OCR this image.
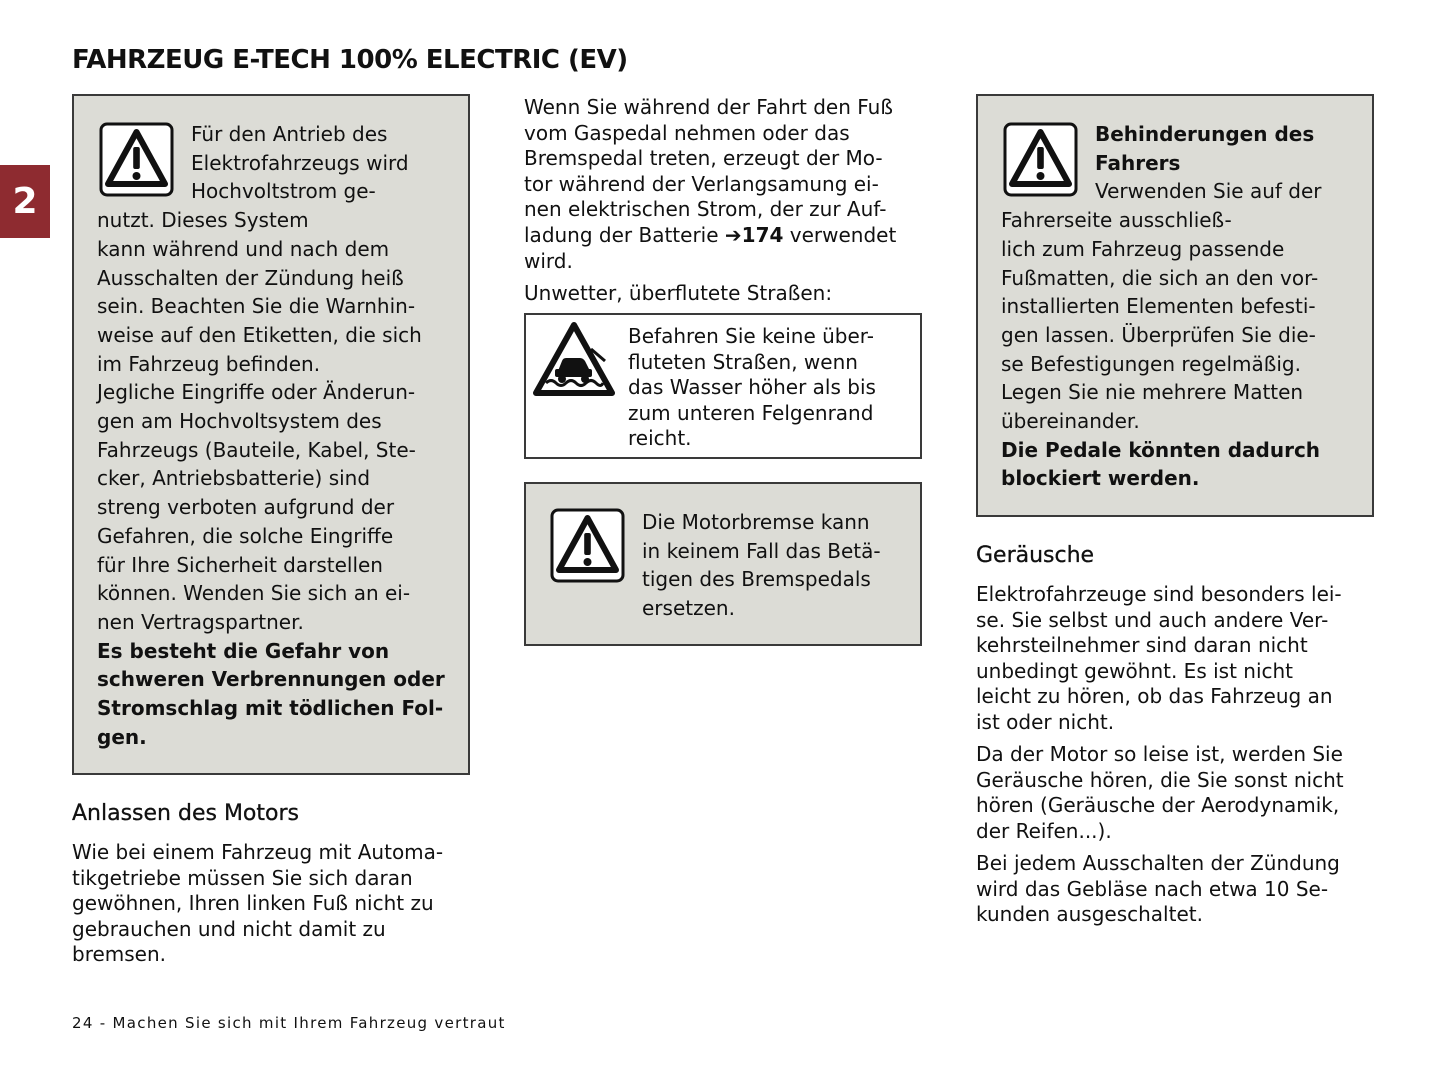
FAHRZEUG E-TECH 100% ELECTRIC (EV)
2
Für den Antrieb des
Elektrofahrzeugs wird
Hochvoltstrom ge-
nutzt. Dieses System
kann während und nach dem
Ausschalten der Zündung heiß
sein. Beachten Sie die Warnhin-
weise auf den Etiketten, die sich
im Fahrzeug befinden.
Jegliche Eingriffe oder Änderun-
gen am Hochvoltsystem des
Fahrzeugs (Bauteile, Kabel, Ste-
cker, Antriebsbatterie) sind
streng verboten aufgrund der
Gefahren, die solche Eingriffe
für Ihre Sicherheit darstellen
können. Wenden Sie sich an ei-
nen Vertragspartner.
Es besteht die Gefahr von
schweren Verbrennungen oder
Stromschlag mit tödlichen Fol-
gen.
Anlassen des Motors
Wie bei einem Fahrzeug mit Automa-
tikgetriebe müssen Sie sich daran
gewöhnen, Ihren linken Fuß nicht zu
gebrauchen und nicht damit zu
bremsen.
Wenn Sie während der Fahrt den Fuß
vom Gaspedal nehmen oder das
Bremspedal treten, erzeugt der Mo-
tor während der Verlangsamung ei-
nen elektrischen Strom, der zur Auf-
ladung der Batterie ➔174 verwendet
wird.
Unwetter, überflutete Straßen:
Befahren Sie keine über-
fluteten Straßen, wenn
das Wasser höher als bis
zum unteren Felgenrand
reicht.
Die Motorbremse kann
in keinem Fall das Betä-
tigen des Bremspedals
ersetzen.
Behinderungen des
Fahrers
Verwenden Sie auf der
Fahrerseite ausschließ-
lich zum Fahrzeug passende
Fußmatten, die sich an den vor-
installierten Elementen befesti-
gen lassen. Überprüfen Sie die-
se Befestigungen regelmäßig.
Legen Sie nie mehrere Matten
übereinander.
Die Pedale könnten dadurch
blockiert werden.
Geräusche
Elektrofahrzeuge sind besonders lei-
se. Sie selbst und auch andere Ver-
kehrsteilnehmer sind daran nicht
unbedingt gewöhnt. Es ist nicht
leicht zu hören, ob das Fahrzeug an
ist oder nicht.
Da der Motor so leise ist, werden Sie
Geräusche hören, die Sie sonst nicht
hören (Geräusche der Aerodynamik,
der Reifen...).
Bei jedem Ausschalten der Zündung
wird das Gebläse nach etwa 10 Se-
kunden ausgeschaltet.
24 - Machen Sie sich mit Ihrem Fahrzeug vertraut
